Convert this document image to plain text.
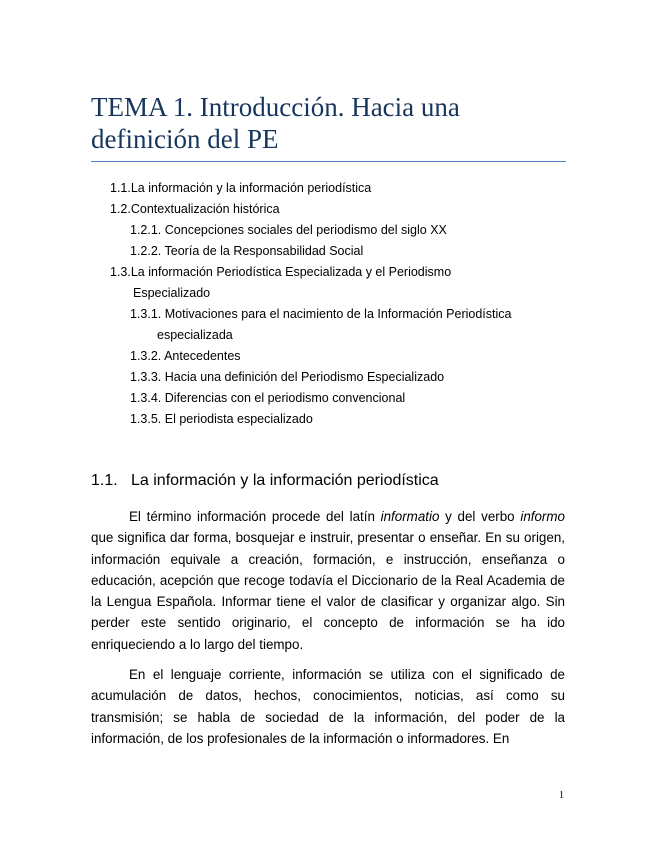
TEMA 1. Introducción. Hacia una definición del PE
1.1.La información y la información periodística
1.2.Contextualización histórica
1.2.1. Concepciones sociales del periodismo del siglo XX
1.2.2. Teoría de la Responsabilidad Social
1.3.La información Periodística Especializada y el Periodismo
Especializado
1.3.1. Motivaciones para el nacimiento de la Información Periodística
especializada
1.3.2. Antecedentes
1.3.3. Hacia una definición del Periodismo Especializado
1.3.4. Diferencias con el periodismo convencional
1.3.5. El periodista especializado
1.1. La información y la información periodística

El término información procede del latín informatio y del verbo informo que significa dar forma, bosquejar e instruir, presentar o enseñar. En su origen, información equivale a creación, formación, e instrucción, enseñanza o educación, acepción que recoge todavía el Diccionario de la Real Academia de la Lengua Española. Informar tiene el valor de clasificar y organizar algo. Sin perder este sentido originario, el concepto de información se ha ido enriqueciendo a lo largo del tiempo.

En el lenguaje corriente, información se utiliza con el significado de acumulación de datos, hechos, conocimientos, noticias, así como su transmisión; se habla de sociedad de la información, del poder de la información, de los profesionales de la información o informadores. En

1
